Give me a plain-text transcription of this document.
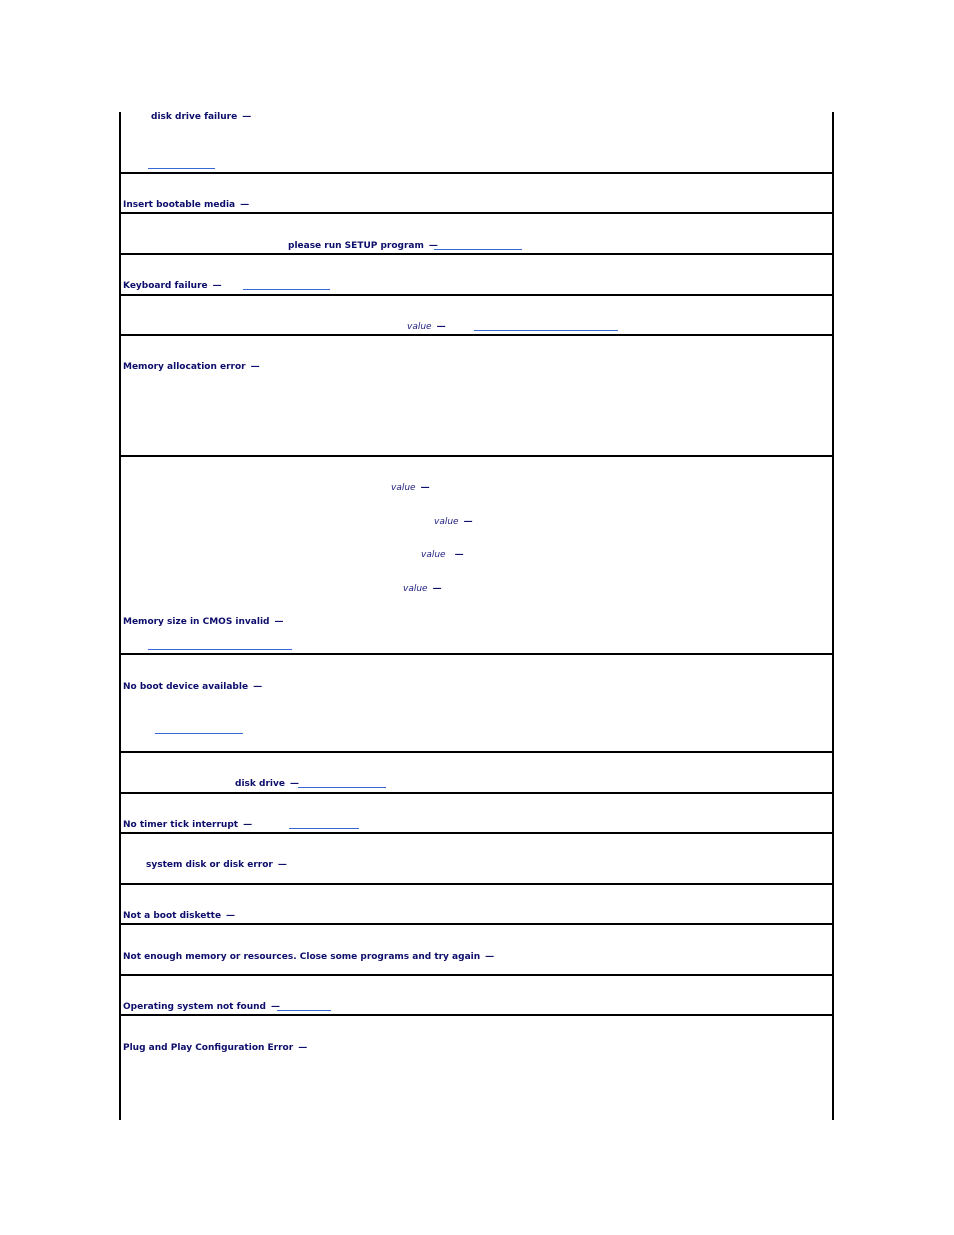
disk drive failure —
Insert bootable media —
please run SETUP program —
Keyboard failure —
value —
Memory allocation error —
value —
value —
value —
value —
Memory size in CMOS invalid —
No boot device available —
disk drive —
No timer tick interrupt —
system disk or disk error —
Not a boot diskette —
Not enough memory or resources. Close some programs and try again —
Operating system not found —
Plug and Play Configuration Error —
